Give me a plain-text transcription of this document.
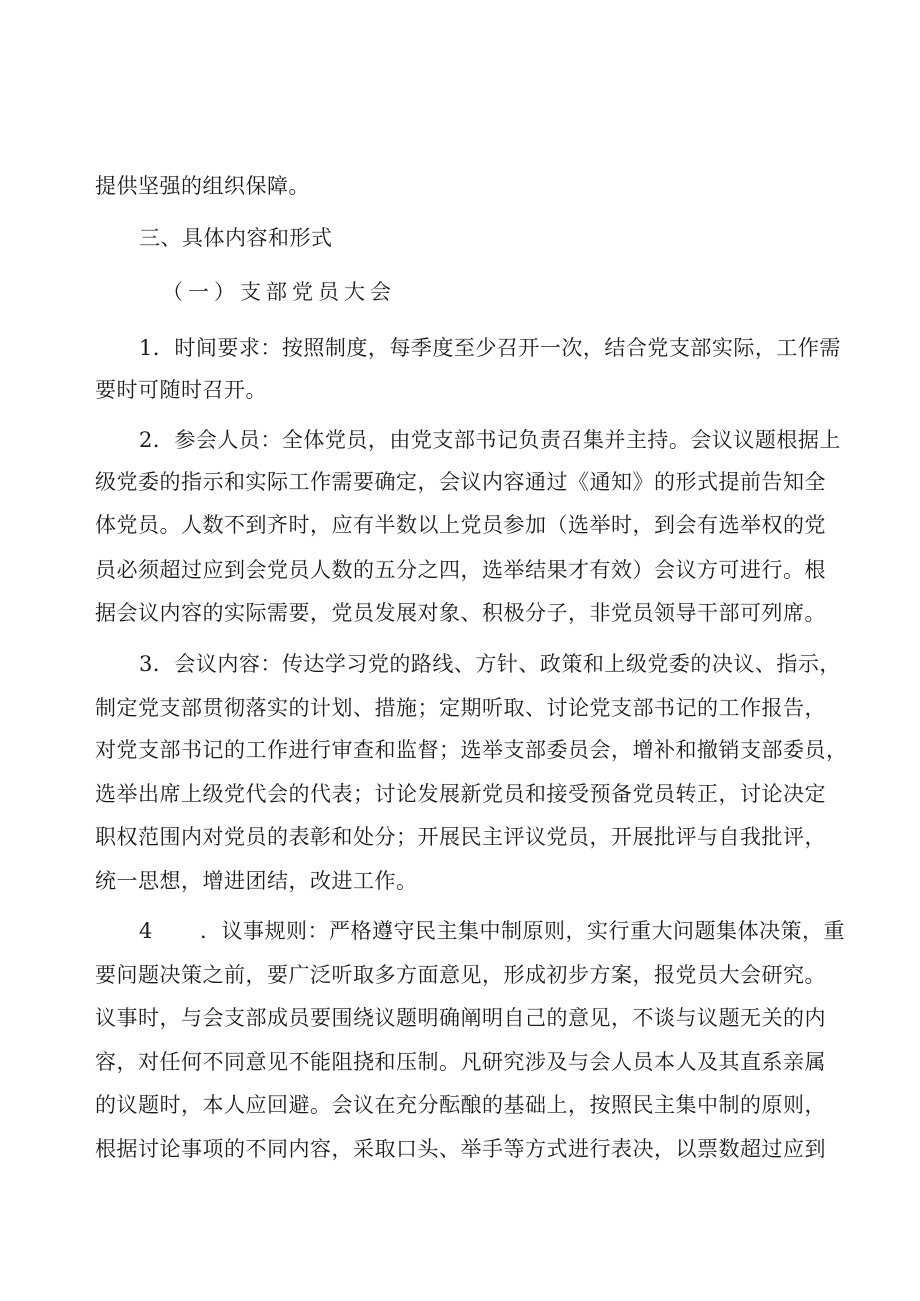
提供坚强的组织保障。
三、具体内容和形式
（一）支部党员大会
1．时间要求：按照制度，每季度至少召开一次，结合党支部实际，工作需
要时可随时召开。
2．参会人员：全体党员，由党支部书记负责召集并主持。会议议题根据上
级党委的指示和实际工作需要确定，会议内容通过《通知》的形式提前告知全
体党员。人数不到齐时，应有半数以上党员参加（选举时，到会有选举权的党
员必须超过应到会党员人数的五分之四，选举结果才有效）会议方可进行。根
据会议内容的实际需要，党员发展对象、积极分子，非党员领导干部可列席。
3．会议内容：传达学习党的路线、方针、政策和上级党委的决议、指示，
制定党支部贯彻落实的计划、措施；定期听取、讨论党支部书记的工作报告，
对党支部书记的工作进行审查和监督；选举支部委员会，增补和撤销支部委员，
选举出席上级党代会的代表；讨论发展新党员和接受预备党员转正，讨论决定
职权范围内对党员的表彰和处分；开展民主评议党员，开展批评与自我批评，
统一思想，增进团结，改进工作。
4 ．议事规则：严格遵守民主集中制原则，实行重大问题集体决策，重
要问题决策之前，要广泛听取多方面意见，形成初步方案，报党员大会研究。
议事时，与会支部成员要围绕议题明确阐明自己的意见，不谈与议题无关的内
容，对任何不同意见不能阻挠和压制。凡研究涉及与会人员本人及其直系亲属
的议题时，本人应回避。会议在充分酝酿的基础上，按照民主集中制的原则，
根据讨论事项的不同内容，采取口头、举手等方式进行表决，以票数超过应到
